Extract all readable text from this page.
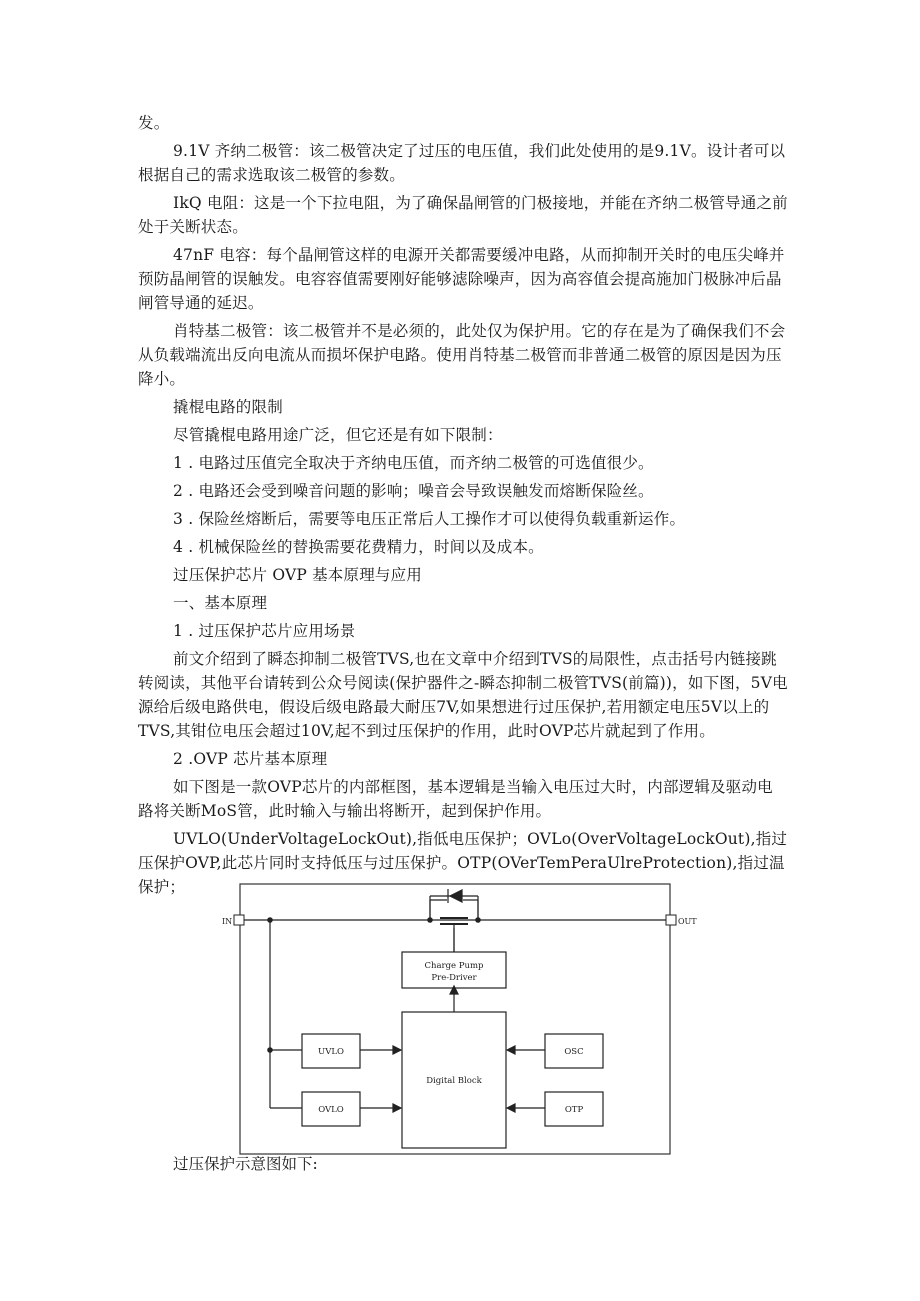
发。

9.1V 齐纳二极管：该二极管决定了过压的电压值，我们此处使用的是9.1V。设计者可以根据自己的需求选取该二极管的参数。

IkQ 电阻：这是一个下拉电阻，为了确保晶闸管的门极接地，并能在齐纳二极管导通之前处于关断状态。

47nF 电容：每个晶闸管这样的电源开关都需要缓冲电路，从而抑制开关时的电压尖峰并预防晶闸管的误触发。电容容值需要刚好能够滤除噪声，因为高容值会提高施加门极脉冲后晶闸管导通的延迟。

肖特基二极管：该二极管并不是必须的，此处仅为保护用。它的存在是为了确保我们不会从负载端流出反向电流从而损坏保护电路。使用肖特基二极管而非普通二极管的原因是因为压降小。

撬棍电路的限制

尽管撬棍电路用途广泛，但它还是有如下限制：

1 . 电路过压值完全取决于齐纳电压值，而齐纳二极管的可选值很少。

2 . 电路还会受到噪音问题的影响；噪音会导致误触发而熔断保险丝。

3 . 保险丝熔断后，需要等电压正常后人工操作才可以使得负载重新运作。

4 . 机械保险丝的替换需要花费精力，时间以及成本。

过压保护芯片 OVP 基本原理与应用

一、基本原理

1 . 过压保护芯片应用场景

前文介绍到了瞬态抑制二极管TVS,也在文章中介绍到TVS的局限性，点击括号内链接跳转阅读，其他平台请转到公众号阅读(保护器件之-瞬态抑制二极管TVS(前篇))，如下图，5V电源给后级电路供电，假设后级电路最大耐压7V,如果想进行过压保护,若用额定电压5V以上的TVS,其钳位电压会超过10V,起不到过压保护的作用，此时OVP芯片就起到了作用。

2 .OVP 芯片基本原理

如下图是一款OVP芯片的内部框图，基本逻辑是当输入电压过大时，内部逻辑及驱动电路将关断MoS管，此时输入与输出将断开，起到保护作用。

UVLO(UnderVoltageLockOut),指低电压保护；OVLo(OverVoltageLockOut),指过压保护OVP,此芯片同时支持低压与过压保护。OTP(OVerTemPeraUlreProtection),指过温保护；

IN	OUT
Charge Pump
Pre-Driver
Digital Block
UVLO
OVLO
OSC
OTP

过压保护示意图如下:
